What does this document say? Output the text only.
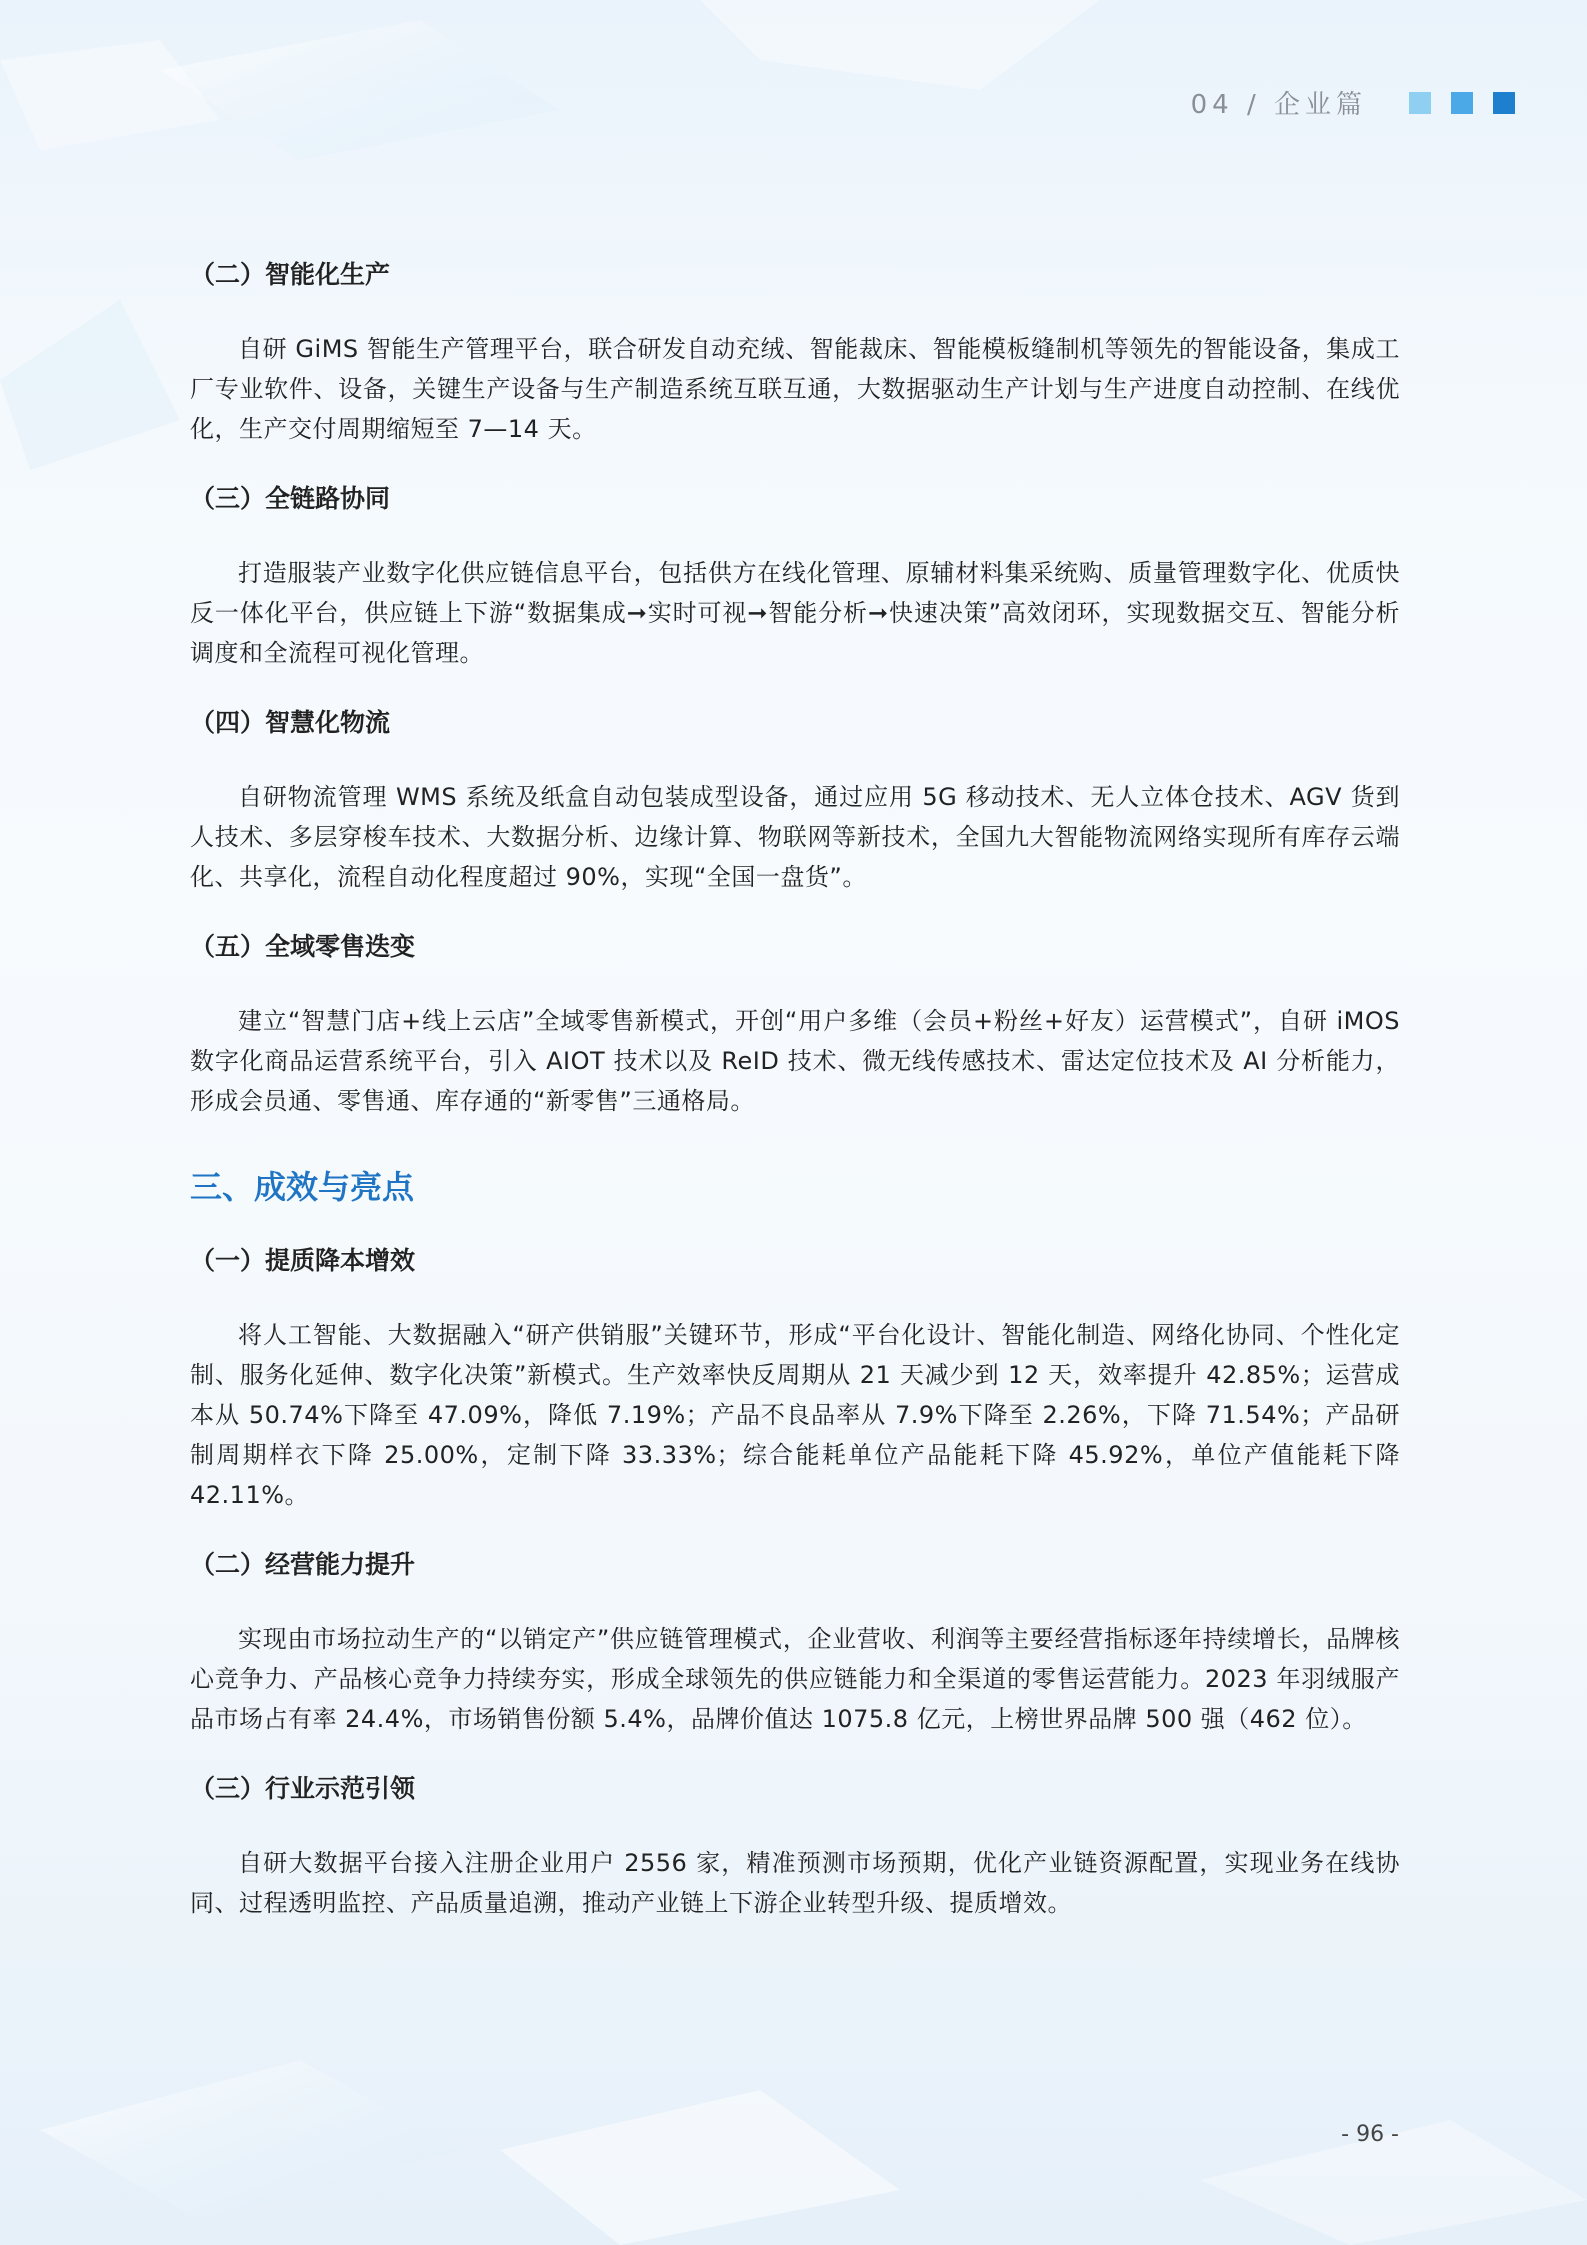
04 / 企业篇
（二）智能化生产
自研 GiMS 智能生产管理平台，联合研发自动充绒、智能裁床、智能模板缝制机等领先的智能设备，集成工厂专业软件、设备，关键生产设备与生产制造系统互联互通，大数据驱动生产计划与生产进度自动控制、在线优化，生产交付周期缩短至 7—14 天。
（三）全链路协同
打造服装产业数字化供应链信息平台，包括供方在线化管理、原辅材料集采统购、质量管理数字化、优质快反一体化平台，供应链上下游“数据集成➞实时可视➞智能分析➞快速决策”高效闭环，实现数据交互、智能分析调度和全流程可视化管理。
（四）智慧化物流
自研物流管理 WMS 系统及纸盒自动包装成型设备，通过应用 5G 移动技术、无人立体仓技术、AGV 货到人技术、多层穿梭车技术、大数据分析、边缘计算、物联网等新技术，全国九大智能物流网络实现所有库存云端化、共享化，流程自动化程度超过 90%，实现“全国一盘货”。
（五）全域零售迭变
建立“智慧门店+线上云店”全域零售新模式，开创“用户多维（会员+粉丝+好友）运营模式”，自研 iMOS 数字化商品运营系统平台，引入 AIOT 技术以及 ReID 技术、微无线传感技术、雷达定位技术及 AI 分析能力，形成会员通、零售通、库存通的“新零售”三通格局。
三、成效与亮点
（一）提质降本增效
将人工智能、大数据融入“研产供销服”关键环节，形成“平台化设计、智能化制造、网络化协同、个性化定制、服务化延伸、数字化决策”新模式。生产效率快反周期从 21 天减少到 12 天，效率提升 42.85%；运营成本从 50.74%下降至 47.09%，降低 7.19%；产品不良品率从 7.9%下降至 2.26%，下降 71.54%；产品研制周期样衣下降 25.00%，定制下降 33.33%；综合能耗单位产品能耗下降 45.92%，单位产值能耗下降 42.11%。
（二）经营能力提升
实现由市场拉动生产的“以销定产”供应链管理模式，企业营收、利润等主要经营指标逐年持续增长，品牌核心竞争力、产品核心竞争力持续夯实，形成全球领先的供应链能力和全渠道的零售运营能力。2023 年羽绒服产品市场占有率 24.4%，市场销售份额 5.4%，品牌价值达 1075.8 亿元，上榜世界品牌 500 强（462 位）。
（三）行业示范引领
自研大数据平台接入注册企业用户 2556 家，精准预测市场预期，优化产业链资源配置，实现业务在线协同、过程透明监控、产品质量追溯，推动产业链上下游企业转型升级、提质增效。
- 96 -
